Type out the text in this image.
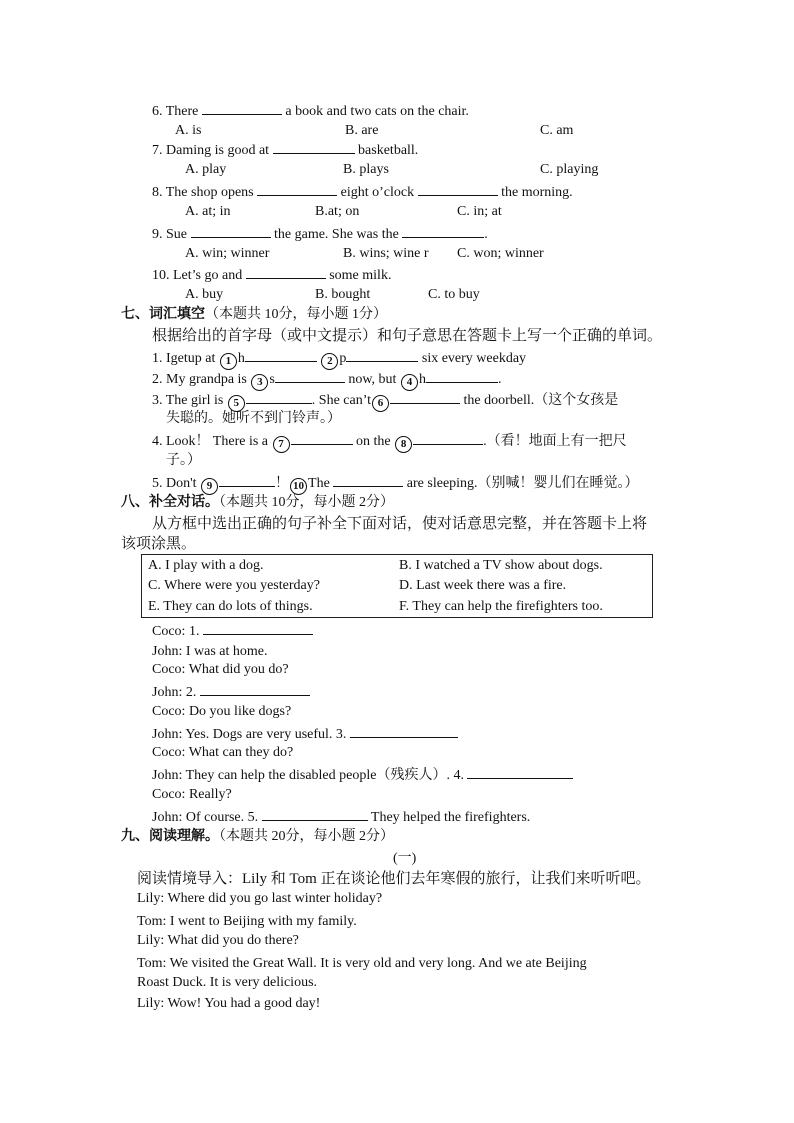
6. There	a book and two cats on the chair.
A. is	B. are	C. am
7. Daming is good at	basketball.
A. play	B. plays	C. playing
8. The shop opens	eight o’clock	the morning.
A. at; in	B.at; on	C. in; at
9. Sue	the game. She was the	.
A. win; winner	B. wins; wine r C. won; winner
10. Let’s go and	some milk.
A. buy	B. bought	C. to buy
七、词汇填空（本题共 10分，每小题 1分）
根据给出的首字母（或中文提示）和句子意思在答题卡上写一个正确的单词。
1. Igetup at 1 h	2 p	six every weekday
2. My grandpa is 3 s	now, but 4 h	.
3. The girl is 5	. She can’t 6	the doorbell.（这个女孩是
失聪的。她听不到门铃声。）
4. Look！ There is a 7	on the 8	.（看！地面上有一把尺
子。）
5. Don't 9	！ 10 The	are sleeping.（别喊！婴儿们在睡觉。）
八、补全对话。（本题共 10分，每小题 2分）
从方框中选出正确的句子补全下面对话，使对话意思完整，并在答题卡上将
该项涂黑。
A. I play with a dog.	B. I watched a TV show about dogs.
C. Where were you yesterday?	D. Last week there was a fire.
E. They can do lots of things.	F. They can help the firefighters too.
Coco: 1.
John: I was at home.
Coco: What did you do?
John: 2.
Coco: Do you like dogs?
John: Yes. Dogs are very useful. 3.
Coco: What can they do?
John: They can help the disabled people（残疾人）. 4.
Coco: Really?
John: Of course. 5.	They helped the firefighters.
九、阅读理解。（本题共 20分，每小题 2分）
(一)
阅读情境导入：Lily 和 Tom 正在谈论他们去年寒假的旅行，让我们来听听吧。
Lily: Where did you go last winter holiday?
Tom: I went to Beijing with my family.
Lily: What did you do there?
Tom: We visited the Great Wall. It is very old and very long. And we ate Beijing
Roast Duck. It is very delicious.
Lily: Wow! You had a good day!
